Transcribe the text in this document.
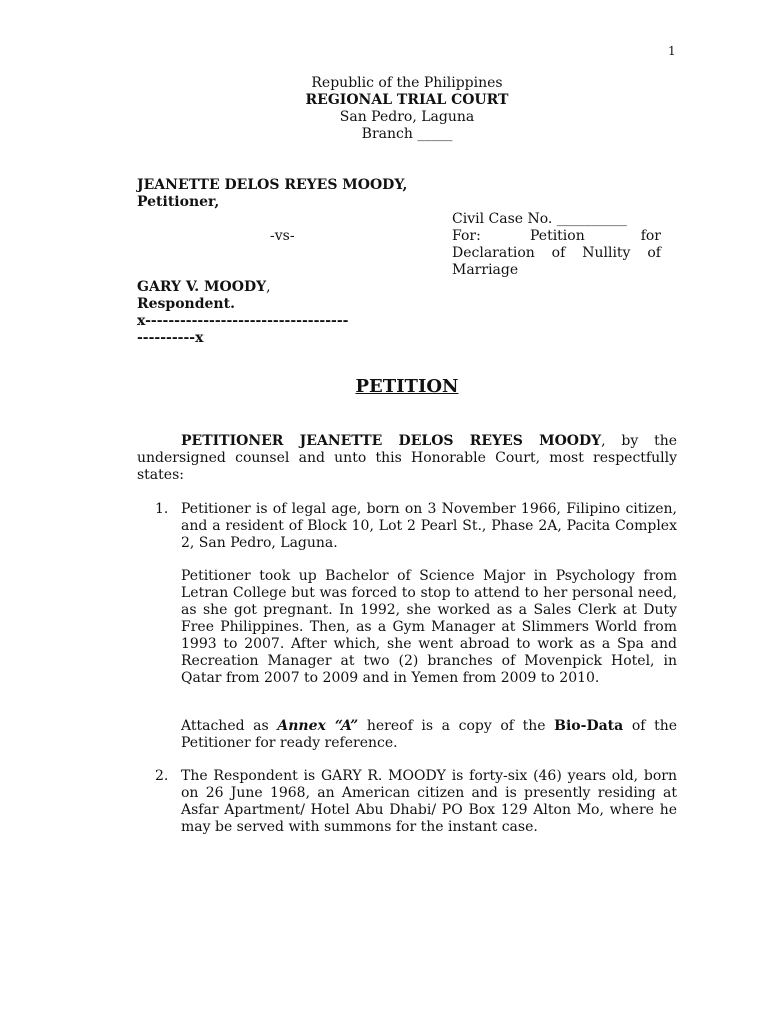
1
Republic of the Philippines
REGIONAL TRIAL COURT
San Pedro, Laguna
Branch _____
JEANETTE DELOS REYES MOODY,
Petitioner,
Civil Case No. __________
-vs-	For:	Petition	for
Declaration of Nullity of
Marriage
GARY V. MOODY,
Respondent.
x-----------------------------------
----------x
PETITION

PETITIONER JEANETTE DELOS REYES MOODY, by the undersigned counsel and unto this Honorable Court, most respectfully states:

1. Petitioner is of legal age, born on 3 November 1966, Filipino citizen, and a resident of Block 10, Lot 2 Pearl St., Phase 2A, Pacita Complex 2, San Pedro, Laguna.
Petitioner took up Bachelor of Science Major in Psychology from Letran College but was forced to stop to attend to her personal need, as she got pregnant. In 1992, she worked as a Sales Clerk at Duty Free Philippines. Then, as a Gym Manager at Slimmers World from 1993 to 2007. After which, she went abroad to work as a Spa and Recreation Manager at two (2) branches of Movenpick Hotel, in Qatar from 2007 to 2009 and in Yemen from 2009 to 2010.
Attached as Annex “A” hereof is a copy of the Bio-Data of the Petitioner for ready reference.
2. The Respondent is GARY R. MOODY is forty-six (46) years old, born on 26 June 1968, an American citizen and is presently residing at Asfar Apartment/ Hotel Abu Dhabi/ PO Box 129 Alton Mo, where he may be served with summons for the instant case.
